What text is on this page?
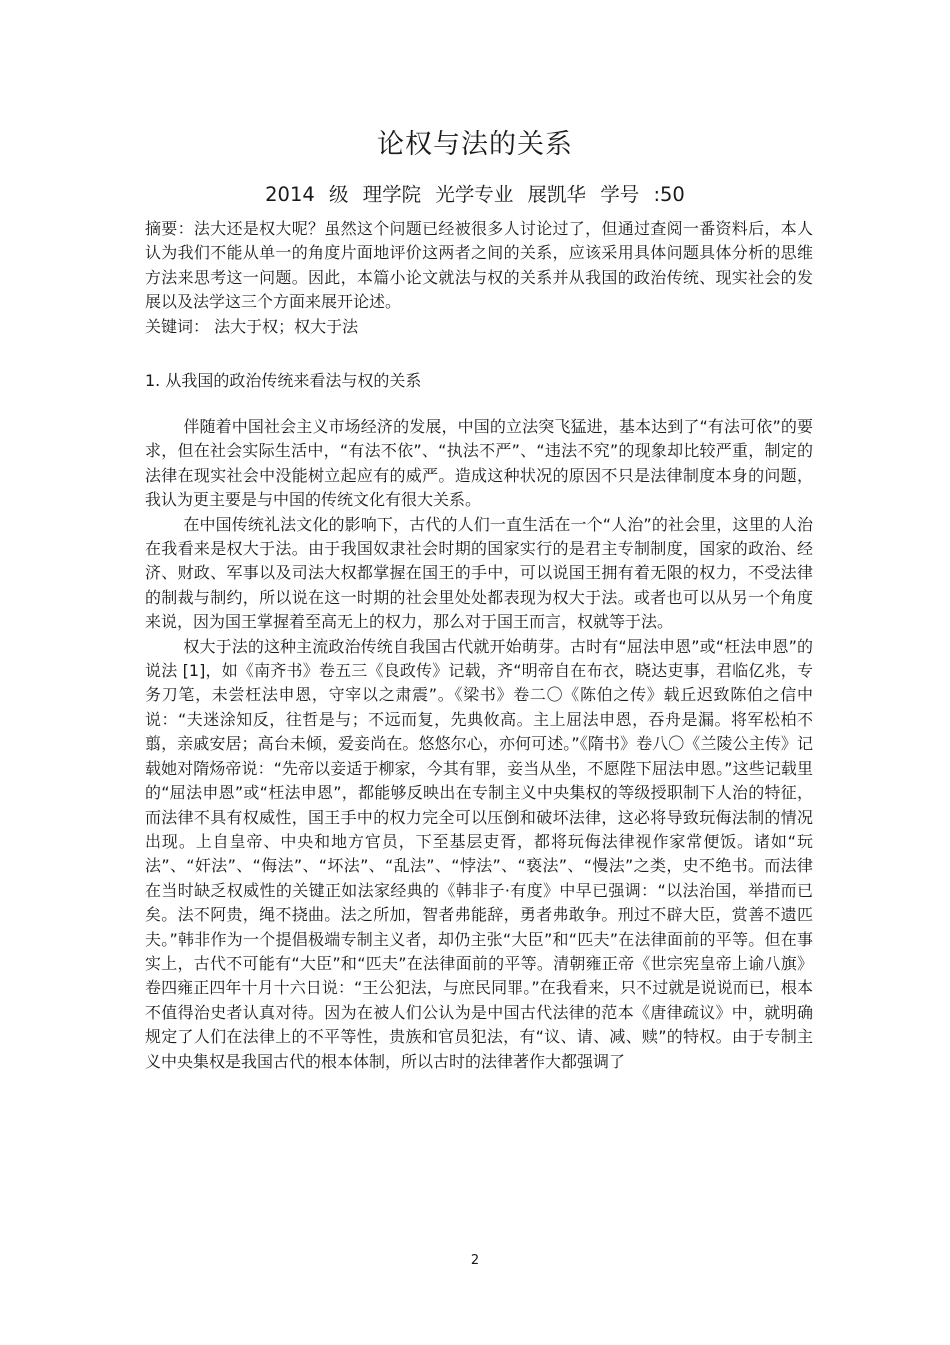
论权与法的关系
2014 级 理学院 光学专业 展凯华 学号 :50

摘要：法大还是权大呢？虽然这个问题已经被很多人讨论过了，但通过查阅一番资料后，本人认为我们不能从单一的角度片面地评价这两者之间的关系，应该采用具体问题具体分析的思维方法来思考这一问题。因此，本篇小论文就法与权的关系并从我国的政治传统、现实社会的发展以及法学这三个方面来展开论述。

关键词： 法大于权；权大于法
1. 从我国的政治传统来看法与权的关系

伴随着中国社会主义市场经济的发展，中国的立法突飞猛进，基本达到了“有法可依”的要求，但在社会实际生活中，“有法不依”、“执法不严”、“违法不究”的现象却比较严重，制定的法律在现实社会中没能树立起应有的威严。造成这种状况的原因不只是法律制度本身的问题，我认为更主要是与中国的传统文化有很大关系。

在中国传统礼法文化的影响下，古代的人们一直生活在一个“人治”的社会里，这里的人治在我看来是权大于法。由于我国奴隶社会时期的国家实行的是君主专制制度，国家的政治、经济、财政、军事以及司法大权都掌握在国王的手中，可以说国王拥有着无限的权力，不受法律的制裁与制约，所以说在这一时期的社会里处处都表现为权大于法。或者也可以从另一个角度来说，因为国王掌握着至高无上的权力，那么对于国王而言，权就等于法。

权大于法的这种主流政治传统自我国古代就开始萌芽。古时有“屈法申恩”或“枉法申恩”的说法 [1]，如《南齐书》卷五三《良政传》记载，齐“明帝自在布衣，晓达吏事，君临亿兆，专务刀笔，未尝枉法申恩，守宰以之肃震”。《梁书》卷二〇《陈伯之传》载丘迟致陈伯之信中说：“夫迷涂知反，往哲是与；不远而复，先典攸高。主上屈法申恩，吞舟是漏。将军松柏不翦，亲戚安居；高台未倾，爱妾尚在。悠悠尔心，亦何可述。”《隋书》卷八〇《兰陵公主传》记载她对隋炀帝说：“先帝以妾适于柳家，今其有罪，妾当从坐，不愿陛下屈法申恩。”这些记载里的“屈法申恩”或“枉法申恩”，都能够反映出在专制主义中央集权的等级授职制下人治的特征，而法律不具有权威性，国王手中的权力完全可以压倒和破坏法律，这必将导致玩侮法制的情况出现。上自皇帝、中央和地方官员，下至基层吏胥，都将玩侮法律视作家常便饭。诸如“玩法”、“奸法”、“侮法”、“坏法”、“乱法”、“悖法”、“亵法”、“慢法”之类，史不绝书。而法律在当时缺乏权威性的关键正如法家经典的《韩非子·有度》中早已强调：“以法治国，举措而已矣。法不阿贵，绳不挠曲。法之所加，智者弗能辞，勇者弗敢争。刑过不辟大臣，赏善不遗匹夫。”韩非作为一个提倡极端专制主义者，却仍主张“大臣”和“匹夫”在法律面前的平等。但在事实上，古代不可能有“大臣”和“匹夫”在法律面前的平等。清朝雍正帝《世宗宪皇帝上谕八旗》卷四雍正四年十月十六日说：“王公犯法，与庶民同罪。”在我看来，只不过就是说说而已，根本不值得治史者认真对待。因为在被人们公认为是中国古代法律的范本《唐律疏议》中，就明确规定了人们在法律上的不平等性，贵族和官员犯法，有“议、请、减、赎”的特权。由于专制主义中央集权是我国古代的根本体制，所以古时的法律著作大都强调了

2
